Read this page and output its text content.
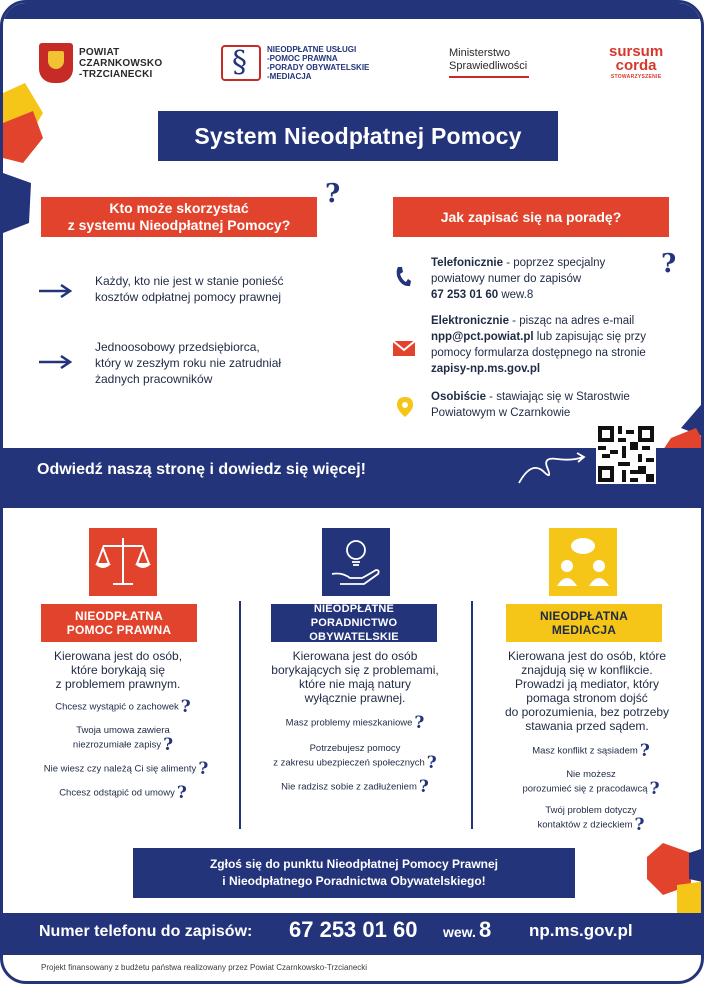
POWIAT
CZARNKOWSKO
-TRZCIANECKI
§
NIEODPŁATNE USŁUGI
-POMOC PRAWNA
-PORADY OBYWATELSKIE
-MEDIACJA
Ministerstwo
Sprawiedliwości
sursum
corda
STOWARZYSZENIE
System Nieodpłatnej Pomocy
Kto może skorzystać
z systemu Nieodpłatnej Pomocy?
?
Każdy, kto nie jest w stanie ponieść
kosztów odpłatnej pomocy prawnej
Jednoosobowy przedsiębiorca,
który w zeszłym roku nie zatrudniał
żadnych pracowników
Jak zapisać się na poradę?
Telefonicznie - poprzez specjalny
powiatowy numer do zapisów
67 253 01 60 wew.8
?
Elektronicznie - pisząc na adres e-mail
npp@pct.powiat.pl lub zapisując się przy
pomocy formularza dostępnego na stronie
zapisy-np.ms.gov.pl
Osobiście - stawiając się w Starostwie
Powiatowym w Czarnkowie
Odwiedź naszą stronę i dowiedz się więcej!
NIEODPŁATNA
POMOC PRAWNA
Kierowana jest do osób,
które borykają się
z problemem prawnym.
Chcesz wystąpić o zachowek ?
Twoja umowa zawiera
niezrozumiałe zapisy ?
Nie wiesz czy należą Ci się alimenty ?
Chcesz odstąpić od umowy ?
NIEODPŁATNE
PORADNICTWO OBYWATELSKIE
Kierowana jest do osób
borykających się z problemami,
które nie mają natury
wyłącznie prawnej.
Masz problemy mieszkaniowe ?
Potrzebujesz pomocy
z zakresu ubezpieczeń społecznych ?
Nie radzisz sobie z zadłużeniem ?
NIEODPŁATNA
MEDIACJA
Kierowana jest do osób, które
znajdują się w konflikcie.
Prowadzi ją mediator, który
pomaga stronom dojść
do porozumienia, bez potrzeby
stawania przed sądem.
Masz konflikt z sąsiadem ?
Nie możesz
porozumieć się z pracodawcą ?
Twój problem dotyczy
kontaktów z dzieckiem ?
Zgłoś się do punktu Nieodpłatnej Pomocy Prawnej
i Nieodpłatnego Poradnictwa Obywatelskiego!
Numer telefonu do zapisów: 67 253 01 60 wew. 8 np.ms.gov.pl
Projekt finansowany z budżetu państwa realizowany przez Powiat Czarnkowsko-Trzcianecki
